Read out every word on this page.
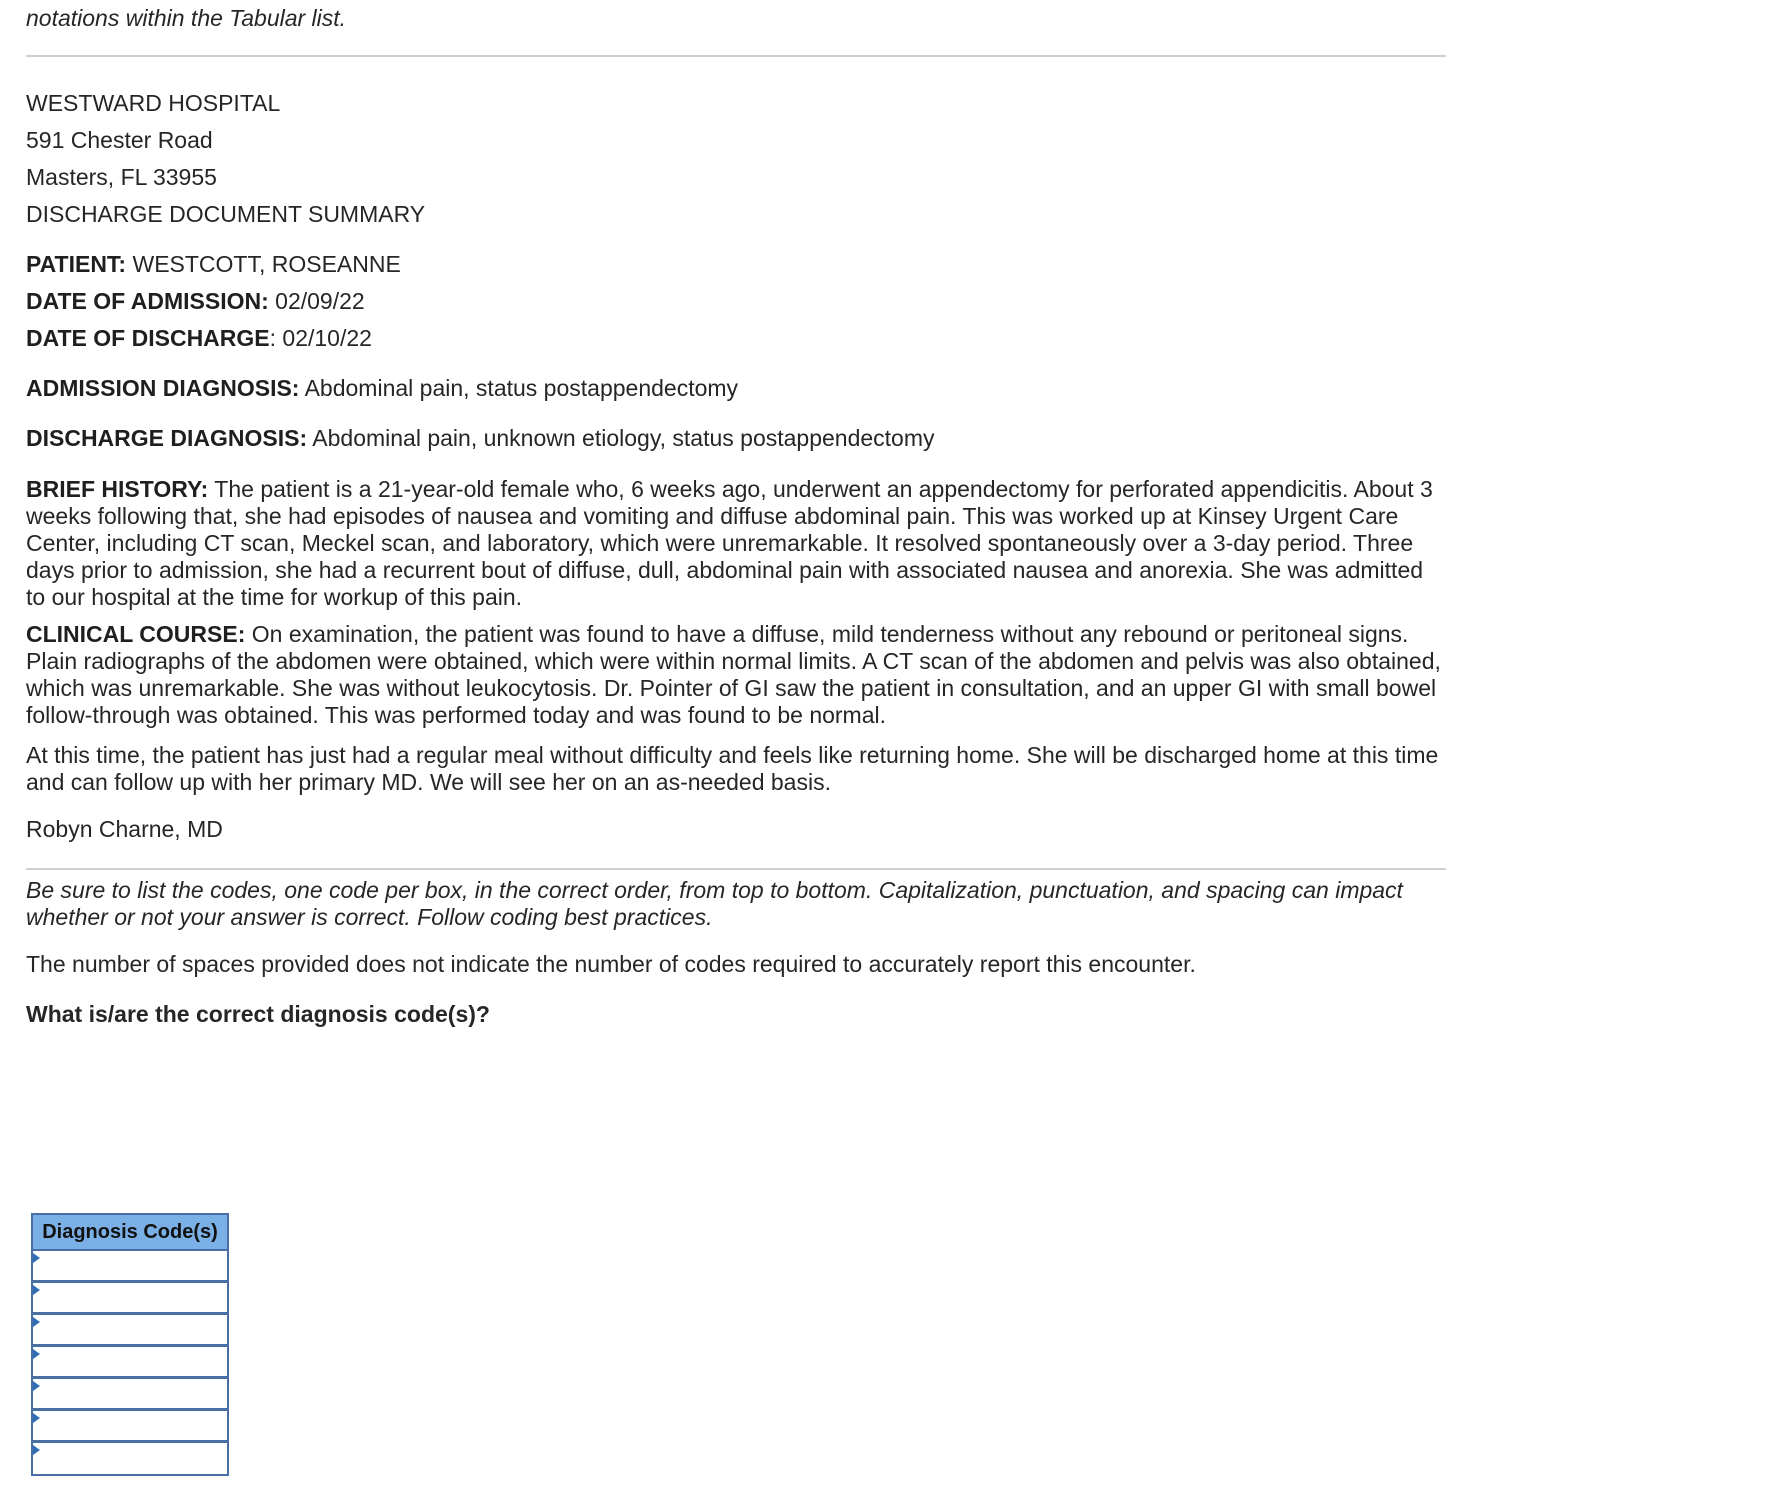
notations within the Tabular list.

WESTWARD HOSPITAL

591 Chester Road

Masters, FL 33955

DISCHARGE DOCUMENT SUMMARY

PATIENT: WESTCOTT, ROSEANNE

DATE OF ADMISSION: 02/09/22

DATE OF DISCHARGE: 02/10/22

ADMISSION DIAGNOSIS: Abdominal pain, status postappendectomy

DISCHARGE DIAGNOSIS: Abdominal pain, unknown etiology, status postappendectomy

BRIEF HISTORY: The patient is a 21-year-old female who, 6 weeks ago, underwent an appendectomy for perforated appendicitis. About 3 weeks following that, she had episodes of nausea and vomiting and diffuse abdominal pain. This was worked up at Kinsey Urgent Care Center, including CT scan, Meckel scan, and laboratory, which were unremarkable. It resolved spontaneously over a 3-day period. Three days prior to admission, she had a recurrent bout of diffuse, dull, abdominal pain with associated nausea and anorexia. She was admitted to our hospital at the time for workup of this pain.

CLINICAL COURSE: On examination, the patient was found to have a diffuse, mild tenderness without any rebound or peritoneal signs. Plain radiographs of the abdomen were obtained, which were within normal limits. A CT scan of the abdomen and pelvis was also obtained, which was unremarkable. She was without leukocytosis. Dr. Pointer of GI saw the patient in consultation, and an upper GI with small bowel follow-through was obtained. This was performed today and was found to be normal.

At this time, the patient has just had a regular meal without difficulty and feels like returning home. She will be discharged home at this time and can follow up with her primary MD. We will see her on an as-needed basis.

Robyn Charne, MD

Be sure to list the codes, one code per box, in the correct order, from top to bottom. Capitalization, punctuation, and spacing can impact whether or not your answer is correct. Follow coding best practices.

The number of spaces provided does not indicate the number of codes required to accurately report this encounter.

What is/are the correct diagnosis code(s)?

Diagnosis Code(s)
